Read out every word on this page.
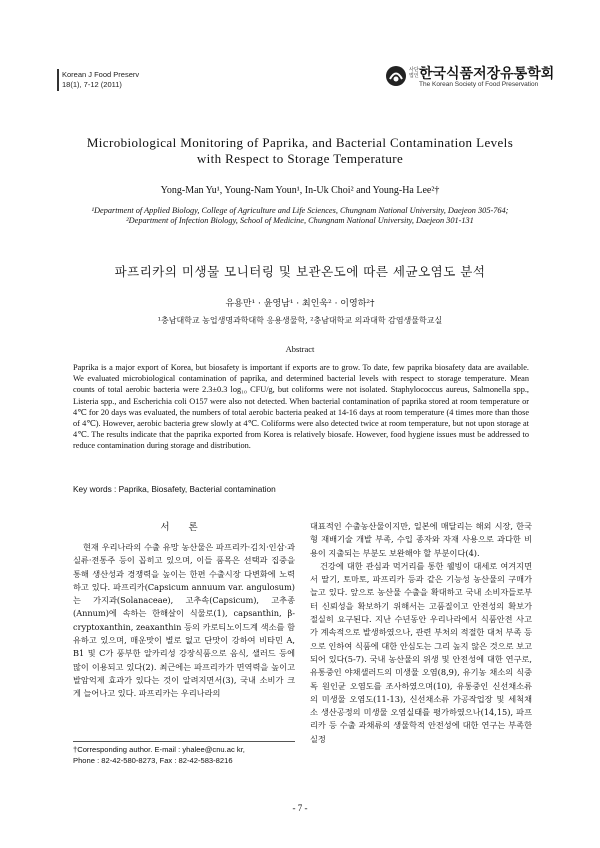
Korean J Food Preserv
18(1), 7-12 (2011)
사단 법인 한국식품저장유통학회
The Korean Society of Food Preservation
Microbiological Monitoring of Paprika, and Bacterial Contamination Levels
with Respect to Storage Temperature
Yong-Man Yu¹, Young-Nam Youn¹, In-Uk Choi² and Young-Ha Lee²†
¹Department of Applied Biology, College of Agriculture and Life Sciences, Chungnam National University, Daejeon 305-764;
²Department of Infection Biology, School of Medicine, Chungnam National University, Daejeon 301-131
파프리카의 미생물 모니터링 및 보관온도에 따른 세균오염도 분석
유용만¹ · 윤영남¹ · 최인욱² · 이영하²†
¹충남대학교 농업생명과학대학 응용생물학, ²충남대학교 의과대학 감염생물학교실
Abstract
Paprika is a major export of Korea, but biosafety is important if exports are to grow. To date, few paprika biosafety data are available. We evaluated microbiological contamination of paprika, and determined bacterial levels with respect to storage temperature. Mean counts of total aerobic bacteria were 2.3±0.3 log₁₀ CFU/g, but coliforms were not isolated. Staphylococcus aureus, Salmonella spp., Listeria spp., and Escherichia coli O157 were also not detected. When bacterial contamination of paprika stored at room temperature or 4℃ for 20 days was evaluated, the numbers of total aerobic bacteria peaked at 14-16 days at room temperature (4 times more than those of 4℃). However, aerobic bacteria grew slowly at 4℃. Coliforms were also detected twice at room temperature, but not upon storage at 4℃. The results indicate that the paprika exported from Korea is relatively biosafe. However, food hygiene issues must be addressed to reduce contamination during storage and distribution.
Key words : Paprika, Biosafety, Bacterial contamination
서 론

현재 우리나라의 수출 유망 농산물은 파프리카·김치·인삼·과실류·전통주 등이 꼽히고 있으며, 이들 품목은 선택과 집중을 통해 생산성과 경쟁력을 높이는 한편 수출시장 다변화에 노력하고 있다. 파프리카(Capsicum annuum var. angulosum)는 가지과(Solanaceae), 고추속(Capsicum), 고추종(Annum)에 속하는 한해살이 식물로(1), capsanthin, β-cryptoxanthin, zeaxanthin 등의 카로티노이드계 색소를 함유하고 있으며, 매운맛이 별로 없고 단맛이 강하여 비타민 A, B1 및 C가 풍부한 알카리성 강장식품으로 음식, 샐러드 등에 많이 이용되고 있다(2). 최근에는 파프리카가 면역력을 높이고 발암억제 효과가 있다는 것이 알려지면서(3), 국내 소비가 크게 늘어나고 있다. 파프리카는 우리나라의

대표적인 수출농산물이지만, 일본에 매달리는 해외 시장, 한국형 재배기술 개발 부족, 수입 종자와 자재 사용으로 과다한 비용이 지출되는 부분도 보완해야 할 부분이다(4).

건강에 대한 관심과 먹거리를 통한 웰빙이 대세로 여겨지면서 딸기, 토마토, 파프리카 등과 같은 기능성 농산물의 구매가 늘고 있다. 앞으로 농산물 수출을 확대하고 국내 소비자들로부터 신뢰성을 확보하기 위해서는 고품질이고 안전성의 확보가 절실히 요구된다. 지난 수년동안 우리나라에서 식품안전 사고가 계속적으로 발생하였으나, 관련 부처의 적절한 대처 부족 등으로 인하여 식품에 대한 안심도는 그리 높지 않은 것으로 보고되어 있다(5-7). 국내 농산물의 위생 및 안전성에 대한 연구로, 유통중인 야채샐러드의 미생물 오염(8,9), 유기농 채소의 식중독 원인균 오염도를 조사하였으며(10), 유통중인 신선채소류의 미생물 오염도(11-13), 신선채소류 가공작업장 및 세척채소 생산공정의 미생물 오염실태를 평가하였으나(14,15), 파프리카 등 수출 과채류의 생물학적 안전성에 대한 연구는 부족한 실정

†Corresponding author. E-mail : yhalee@cnu.ac kr,
Phone : 82-42-580-8273, Fax : 82-42-583-8216
- 7 -
